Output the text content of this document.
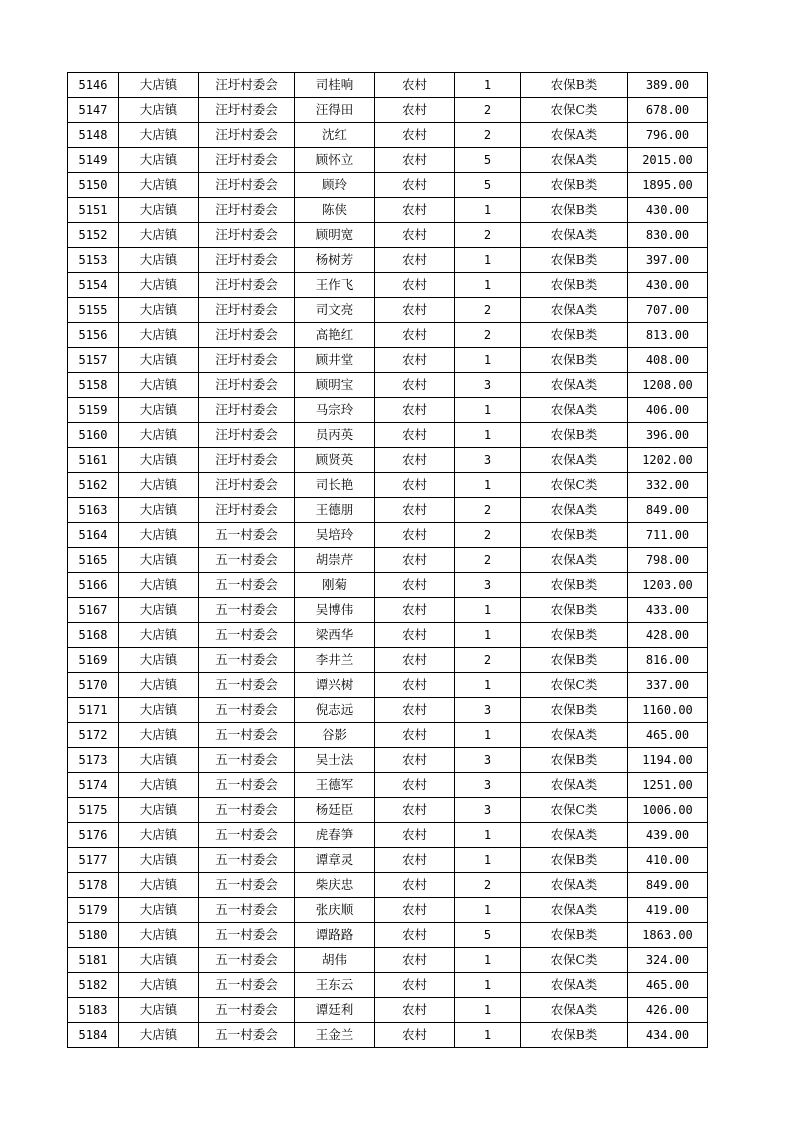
5146	大店镇	汪圩村委会	司桂响	农村	1	农保B类	389.00
5147	大店镇	汪圩村委会	汪得田	农村	2	农保C类	678.00
5148	大店镇	汪圩村委会	沈红	农村	2	农保A类	796.00
5149	大店镇	汪圩村委会	顾怀立	农村	5	农保A类	2015.00
5150	大店镇	汪圩村委会	顾玲	农村	5	农保B类	1895.00
5151	大店镇	汪圩村委会	陈侠	农村	1	农保B类	430.00
5152	大店镇	汪圩村委会	顾明宽	农村	2	农保A类	830.00
5153	大店镇	汪圩村委会	杨树芳	农村	1	农保B类	397.00
5154	大店镇	汪圩村委会	王作飞	农村	1	农保B类	430.00
5155	大店镇	汪圩村委会	司文亮	农村	2	农保A类	707.00
5156	大店镇	汪圩村委会	高艳红	农村	2	农保B类	813.00
5157	大店镇	汪圩村委会	顾井堂	农村	1	农保B类	408.00
5158	大店镇	汪圩村委会	顾明宝	农村	3	农保A类	1208.00
5159	大店镇	汪圩村委会	马宗玲	农村	1	农保A类	406.00
5160	大店镇	汪圩村委会	员丙英	农村	1	农保B类	396.00
5161	大店镇	汪圩村委会	顾贤英	农村	3	农保A类	1202.00
5162	大店镇	汪圩村委会	司长艳	农村	1	农保C类	332.00
5163	大店镇	汪圩村委会	王德朋	农村	2	农保A类	849.00
5164	大店镇	五一村委会	吴培玲	农村	2	农保B类	711.00
5165	大店镇	五一村委会	胡崇芹	农村	2	农保A类	798.00
5166	大店镇	五一村委会	刚菊	农村	3	农保B类	1203.00
5167	大店镇	五一村委会	吴博伟	农村	1	农保B类	433.00
5168	大店镇	五一村委会	梁西华	农村	1	农保B类	428.00
5169	大店镇	五一村委会	李井兰	农村	2	农保B类	816.00
5170	大店镇	五一村委会	谭兴树	农村	1	农保C类	337.00
5171	大店镇	五一村委会	倪志远	农村	3	农保B类	1160.00
5172	大店镇	五一村委会	谷影	农村	1	农保A类	465.00
5173	大店镇	五一村委会	吴士法	农村	3	农保B类	1194.00
5174	大店镇	五一村委会	王德军	农村	3	农保A类	1251.00
5175	大店镇	五一村委会	杨廷臣	农村	3	农保C类	1006.00
5176	大店镇	五一村委会	虎春笋	农村	1	农保A类	439.00
5177	大店镇	五一村委会	谭章灵	农村	1	农保B类	410.00
5178	大店镇	五一村委会	柴庆忠	农村	2	农保A类	849.00
5179	大店镇	五一村委会	张庆顺	农村	1	农保A类	419.00
5180	大店镇	五一村委会	谭路路	农村	5	农保B类	1863.00
5181	大店镇	五一村委会	胡伟	农村	1	农保C类	324.00
5182	大店镇	五一村委会	王东云	农村	1	农保A类	465.00
5183	大店镇	五一村委会	谭廷利	农村	1	农保A类	426.00
5184	大店镇	五一村委会	王金兰	农村	1	农保B类	434.00
